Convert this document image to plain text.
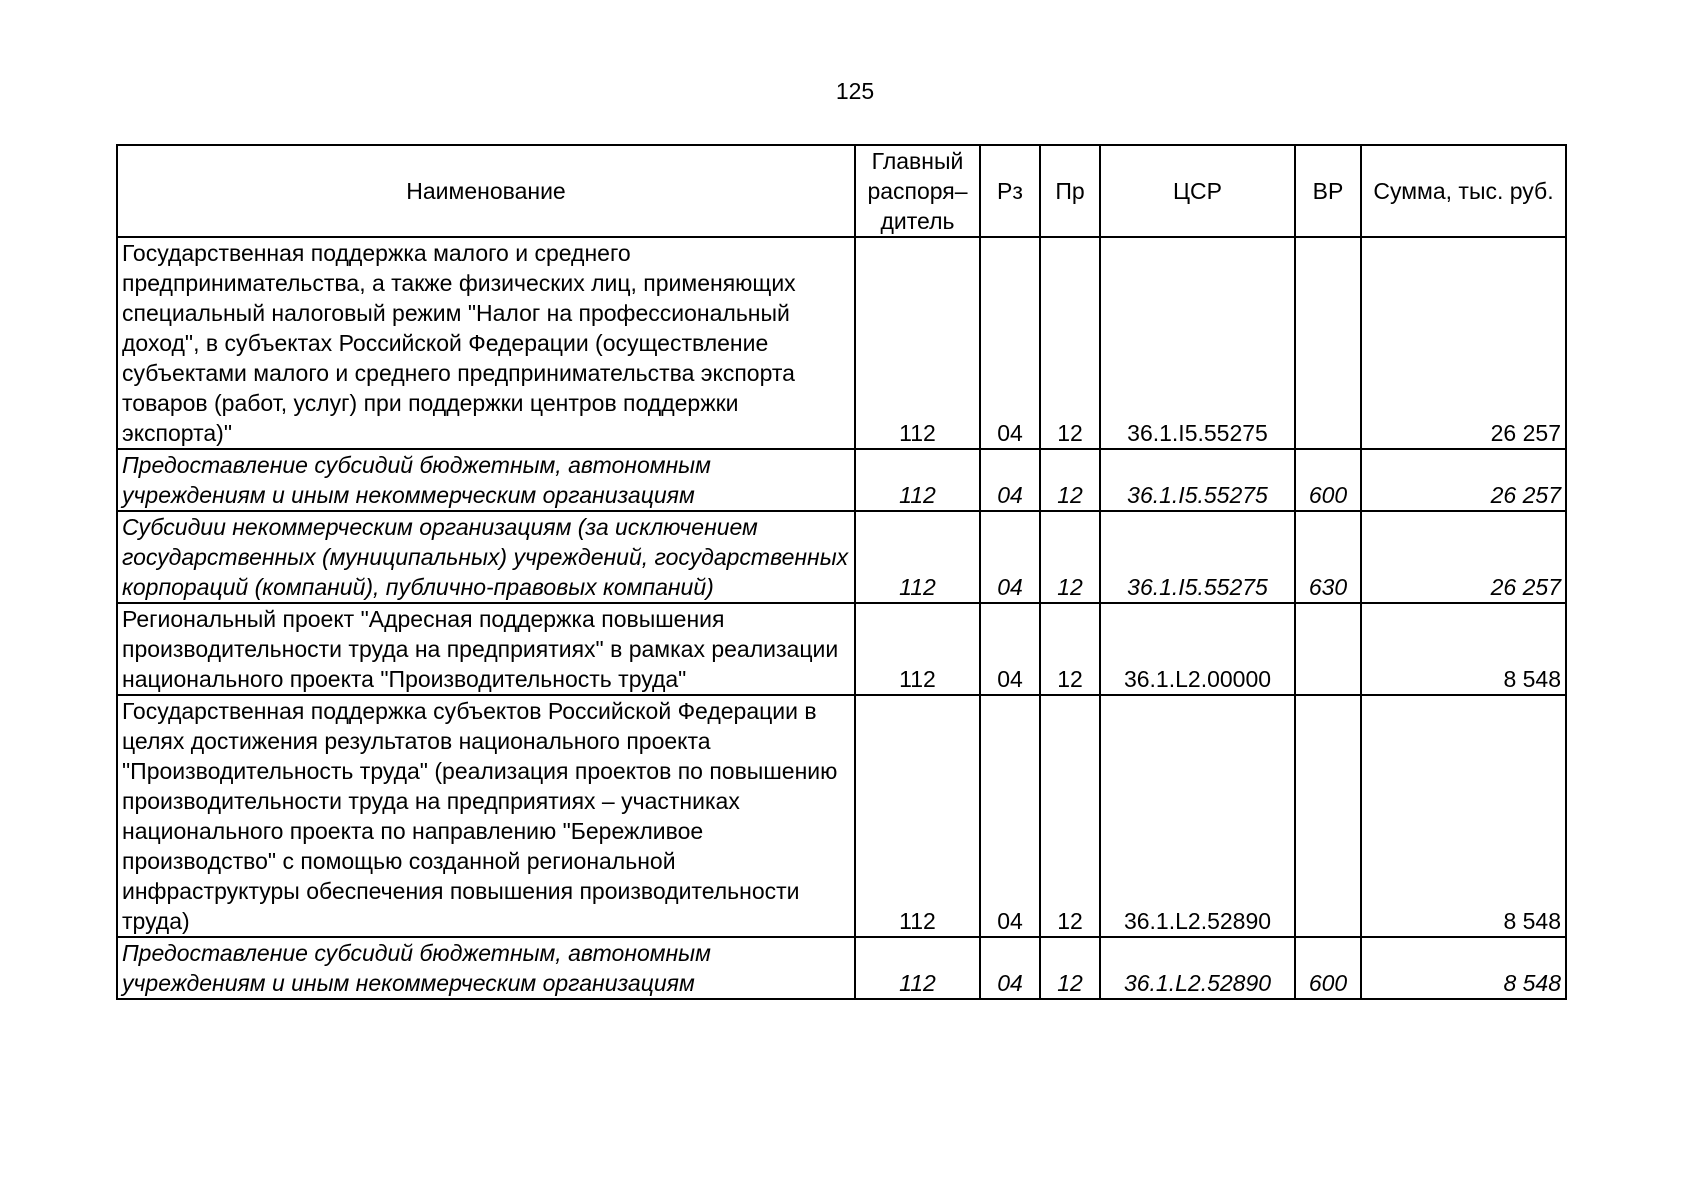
125
Наименование	Главный распоря–дитель	Рз	Пр	ЦСР	ВР	Сумма, тыс. руб.
Государственная поддержка малого и среднего предпринимательства, а также физических лиц, применяющих специальный налоговый режим "Налог на профессиональный доход", в субъектах Российской Федерации (осуществление субъектами малого и среднего предпринимательства экспорта товаров (работ, услуг) при поддержки центров поддержки экспорта)"	112	04	12	36.1.I5.55275		26 257
Предоставление субсидий бюджетным, автономным учреждениям и иным некоммерческим организациям	112	04	12	36.1.I5.55275	600	26 257
Субсидии некоммерческим организациям (за исключением государственных (муниципальных) учреждений, государственных корпораций (компаний), публично-правовых компаний)	112	04	12	36.1.I5.55275	630	26 257
Региональный проект "Адресная поддержка повышения производительности труда на предприятиях" в рамках реализации национального проекта "Производительность труда"	112	04	12	36.1.L2.00000		8 548
Государственная поддержка субъектов Российской Федерации в целях достижения результатов национального проекта "Производительность труда" (реализация проектов по повышению производительности труда на предприятиях – участниках национального проекта по направлению "Бережливое производство" с помощью созданной региональной инфраструктуры обеспечения повышения производительности труда)	112	04	12	36.1.L2.52890		8 548
Предоставление субсидий бюджетным, автономным учреждениям и иным некоммерческим организациям	112	04	12	36.1.L2.52890	600	8 548
